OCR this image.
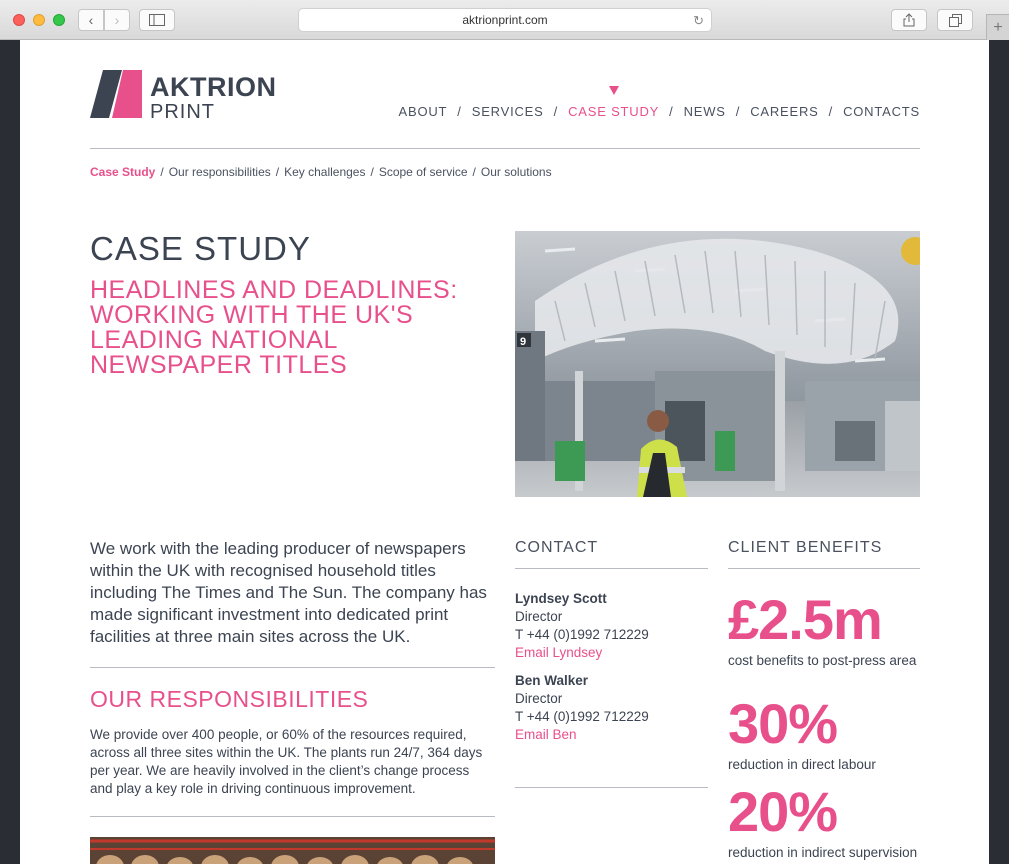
‹ ›	aktrionprint.com	↻	+
AKTRION
PRINT	ABOUT / SERVICES / CASE STUDY / NEWS / CAREERS / CONTACTS
Case Study / Our responsibilities / Key challenges / Scope of service / Our solutions
CASE STUDY
HEADLINES AND DEADLINES: WORKING WITH THE UK'S LEADING NATIONAL NEWSPAPER TITLES
9

We work with the leading producer of newspapers within the UK with recognised household titles including The Times and The Sun. The company has made significant investment into dedicated print facilities at three main sites across the UK.

OUR RESPONSIBILITIES

We provide over 400 people, or 60% of the resources required, across all three sites within the UK. The plants run 24/7, 364 days per year. We are heavily involved in the client’s change process and play a key role in driving continuous improvement.

CONTACT
Lyndsey Scott
Director
T +44 (0)1992 712229
Email Lyndsey
Ben Walker
Director
T +44 (0)1992 712229
Email Ben
CLIENT BENEFITS
£2.5m
cost benefits to post-press area
30%
reduction in direct labour
20%
reduction in indirect supervision
